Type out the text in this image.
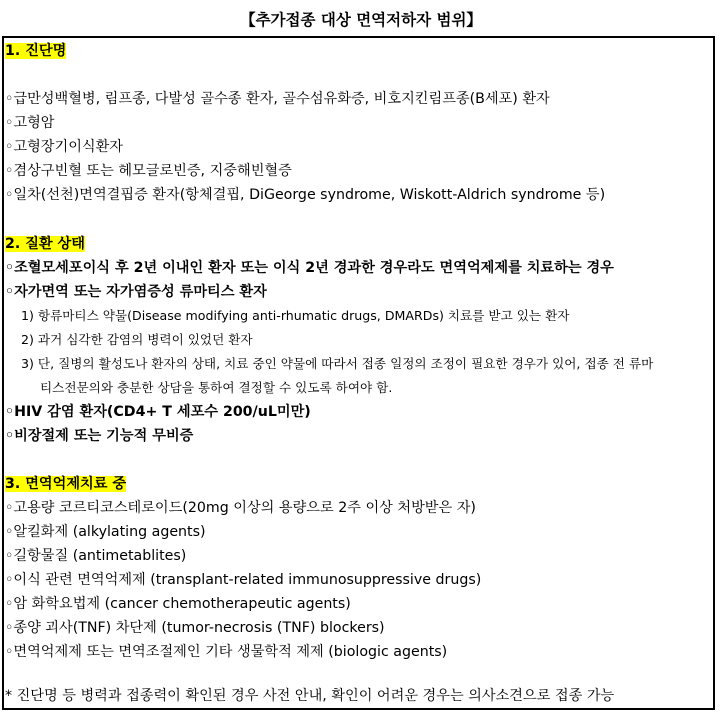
【추가접종 대상 면역저하자 범위】
1. 진단명
◦급만성백혈병, 림프종, 다발성 골수종 환자, 골수섬유화증, 비호지킨림프종(B세포) 환자
◦고형암
◦고형장기이식환자
◦겸상구빈혈 또는 헤모글로빈증, 지중해빈혈증
◦일차(선천)면역결핍증 환자(항체결핍, DiGeorge syndrome, Wiskott-Aldrich syndrome 등)
2. 질환 상태
◦조혈모세포이식 후 2년 이내인 환자 또는 이식 2년 경과한 경우라도 면역억제제를 치료하는 경우
◦자가면역 또는 자가염증성 류마티스 환자
1) 항류마티스 약물(Disease modifying anti-rhumatic drugs, DMARDs) 치료를 받고 있는 환자
2) 과거 심각한 감염의 병력이 있었던 환자
3) 단, 질병의 활성도나 환자의 상태, 치료 중인 약물에 따라서 접종 일정의 조정이 필요한 경우가 있어, 접종 전 류마
티스전문의와 충분한 상담을 통하여 결정할 수 있도록 하여야 함.
◦HIV 감염 환자(CD4+ T 세포수 200/uL미만)
◦비장절제 또는 기능적 무비증
3. 면역억제치료 중
◦고용량 코르티코스테로이드(20mg 이상의 용량으로 2주 이상 처방받은 자)
◦알킬화제 (alkylating agents)
◦길항물질 (antimetablites)
◦이식 관련 면역억제제 (transplant-related immunosuppressive drugs)
◦암 화학요법제 (cancer chemotherapeutic agents)
◦종양 괴사(TNF) 차단제 (tumor-necrosis (TNF) blockers)
◦면역억제제 또는 면역조절제인 기타 생물학적 제제 (biologic agents)
* 진단명 등 병력과 접종력이 확인된 경우 사전 안내, 확인이 어려운 경우는 의사소견으로 접종 가능
